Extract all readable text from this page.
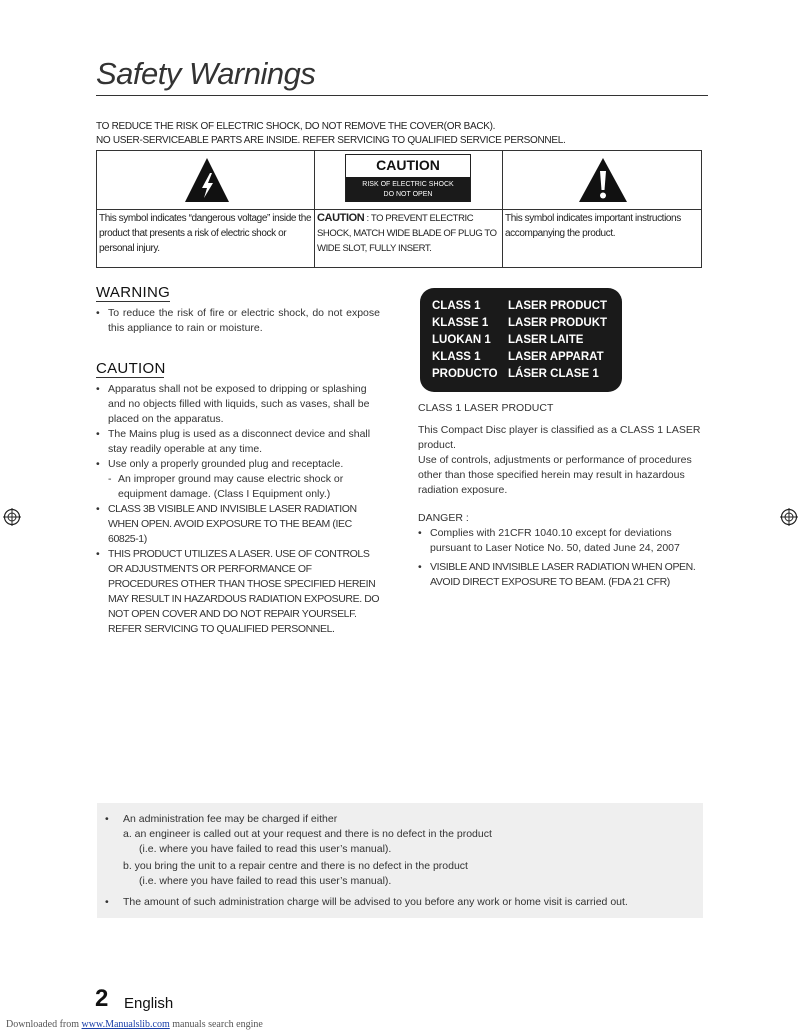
Safety Warnings
TO REDUCE THE RISK OF ELECTRIC SHOCK, DO NOT REMOVE THE COVER(OR BACK).
NO USER-SERVICEABLE PARTS ARE INSIDE. REFER SERVICING TO QUALIFIED SERVICE PERSONNEL.
This symbol indicates “dangerous voltage” inside the product that presents a risk of electric shock or personal injury.
CAUTION
RISK OF ELECTRIC SHOCK
DO NOT OPEN
CAUTION : TO PREVENT ELECTRIC SHOCK, MATCH WIDE BLADE OF PLUG TO WIDE SLOT, FULLY INSERT.
This symbol indicates important instructions accompanying the product.
WARNING
• To reduce the risk of fire or electric shock, do not expose this appliance to rain or moisture.
CAUTION
• Apparatus shall not be exposed to dripping or splashing and no objects filled with liquids, such as vases, shall be placed on the apparatus.
• The Mains plug is used as a disconnect device and shall stay readily operable at any time.
• Use only a properly grounded plug and receptacle.
- An improper ground may cause electric shock or equipment damage. (Class I Equipment only.)
• CLASS 3B VISIBLE AND INVISIBLE LASER RADIATION WHEN OPEN. AVOID EXPOSURE TO THE BEAM (IEC 60825-1)
• THIS PRODUCT UTILIZES A LASER. USE OF CONTROLS OR ADJUSTMENTS OR PERFORMANCE OF PROCEDURES OTHER THAN THOSE SPECIFIED HEREIN MAY RESULT IN HAZARDOUS RADIATION EXPOSURE. DO NOT OPEN COVER AND DO NOT REPAIR YOURSELF. REFER SERVICING TO QUALIFIED PERSONNEL.
CLASS 1 LASER PRODUCT
KLASSE 1 LASER PRODUKT
LUOKAN 1 LASER LAITE
KLASS 1 LASER APPARAT
PRODUCTO LÁSER CLASE 1
CLASS 1 LASER PRODUCT
This Compact Disc player is classified as a CLASS 1 LASER product.
Use of controls, adjustments or performance of procedures other than those specified herein may result in hazardous radiation exposure.
DANGER :
• Complies with 21CFR 1040.10 except for deviations pursuant to Laser Notice No. 50, dated June 24, 2007
• VISIBLE AND INVISIBLE LASER RADIATION WHEN OPEN. AVOID DIRECT EXPOSURE TO BEAM. (FDA 21 CFR)
• An administration fee may be charged if either
a. an engineer is called out at your request and there is no defect in the product
(i.e. where you have failed to read this user’s manual).
b. you bring the unit to a repair centre and there is no defect in the product
(i.e. where you have failed to read this user’s manual).
• The amount of such administration charge will be advised to you before any work or home visit is carried out.
2 English
Downloaded from www.Manualslib.com manuals search engine
